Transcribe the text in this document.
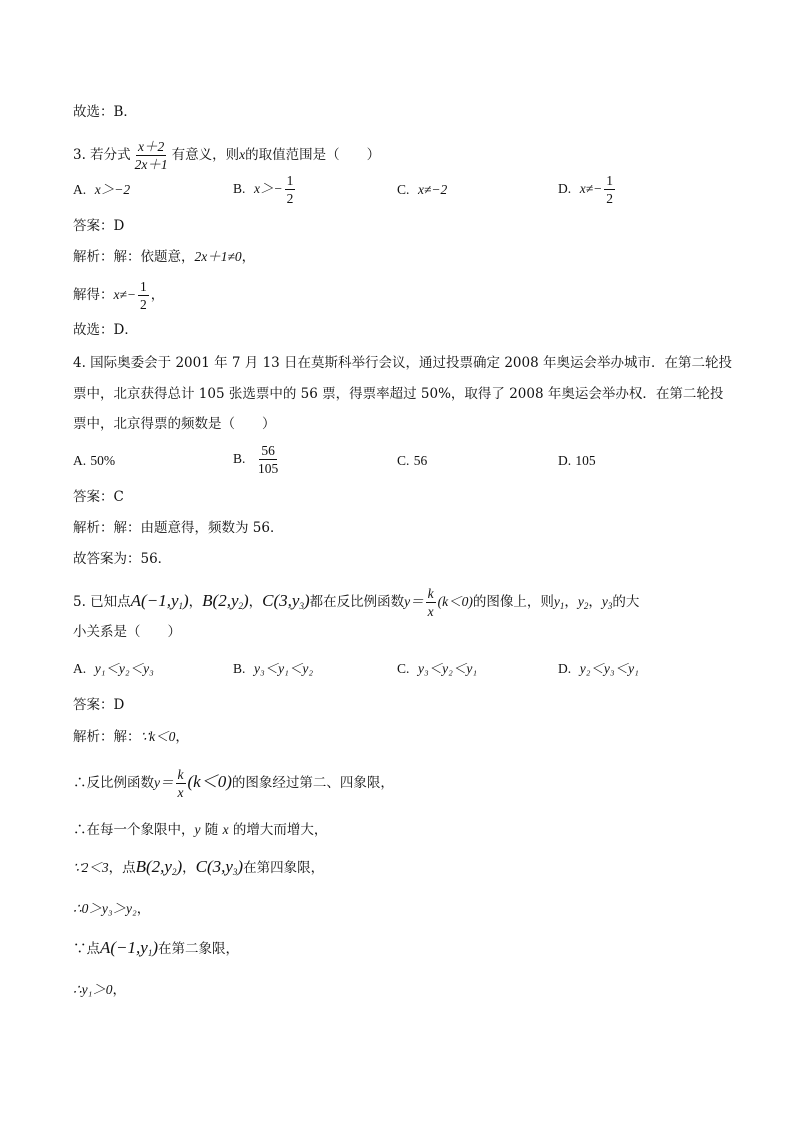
故选：B．
3. 若分式 $\frac{x+2}{2x+1}$ 有意义，则x的取值范围是（　　）
A. x＞−2	B. $x>- \frac{1}{2}$	C. x≠−2	D. $x\ne- \frac{1}{2}$
答案：D
解析：解：依题意，2x＋1≠0，
解得：$x\ne- \frac{1}{2}$ ，
故选：D．
4. 国际奥委会于 2001 年 7 月 13 日在莫斯科举行会议，通过投票确定 2008 年奥运会举办城市．在第二轮投
票中，北京获得总计 105 张选票中的 56 票，得票率超过 50%，取得了 2008 年奥运会举办权．在第二轮投
票中，北京得票的频数是（　　）
A. 50%	B. $\frac{56}{105}$	C. 56	D. 105
答案：C
解析：解：由题意得，频数为 56．
故答案为：56．
5. 已知点$A(-1,y_1)$，$B(2,y_2)$，$C(3,y_3)$都在反比例函数$y= \frac{k}{x} (k<0)$的图像上，则$y_1$，$y_2$，$y_3$的大
小关系是（　　）
A. y₁＜y₂＜y₃	B. y₃＜y₁＜y₂	C. y₃＜y₂＜y₁	D. y₂＜y₃＜y₁
答案：D
解析：解：∵k＜0，
∴反比例函数$y= \frac{k}{x} (k<0)$的图象经过第二、四象限，
∴在每一个象限中，y 随 x 的增大而增大，
∵2＜3，点$B(2,y_2)$，$C(3,y_3)$在第四象限，
∴0＞y₃＞y₂，
∵点$A(-1,y_1)$在第二象限，
∴y₁＞0，
